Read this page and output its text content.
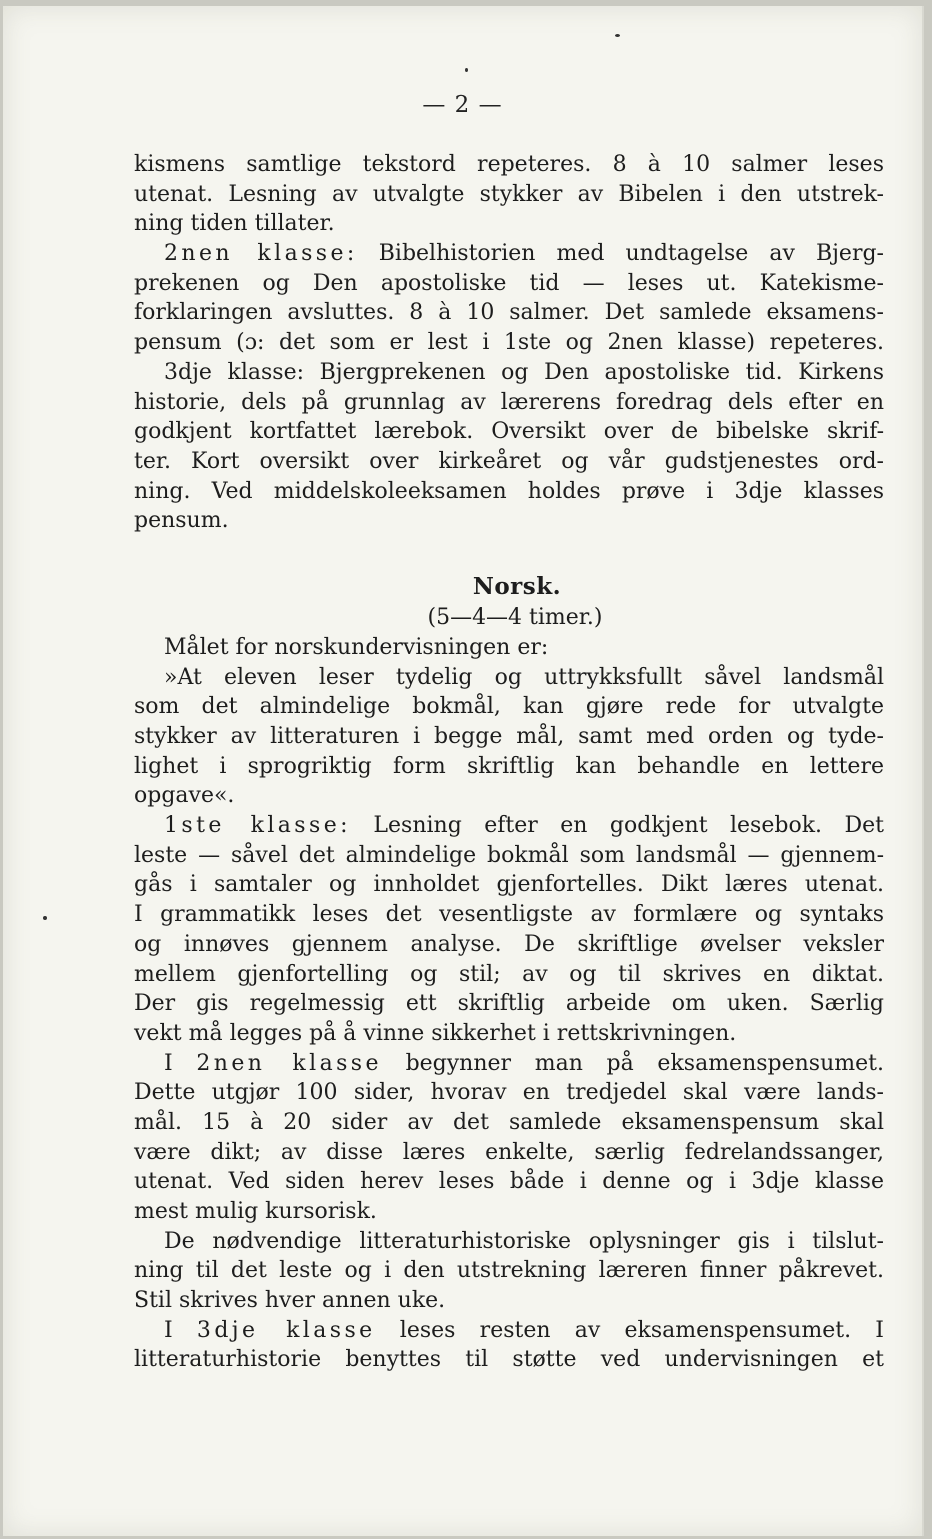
— 2 —
kismens samtlige tekstord repeteres. 8 à 10 salmer leses
utenat. Lesning av utvalgte stykker av Bibelen i den utstrek-
ning tiden tillater.
2nen klasse: Bibelhistorien med undtagelse av Bjerg-
prekenen og Den apostoliske tid — leses ut. Katekisme-
forklaringen avsluttes. 8 à 10 salmer. Det samlede eksamens-
pensum (ɔ: det som er lest i 1ste og 2nen klasse) repeteres.
3dje klasse: Bjergprekenen og Den apostoliske tid. Kirkens
historie, dels på grunnlag av lærerens foredrag dels efter en
godkjent kortfattet lærebok. Oversikt over de bibelske skrif-
ter. Kort oversikt over kirkeåret og vår gudstjenestes ord-
ning. Ved middelskoleeksamen holdes prøve i 3dje klasses
pensum.
Norsk.
(5—4—4 timer.)
Målet for norskundervisningen er:
»At eleven leser tydelig og uttrykksfullt såvel landsmål
som det almindelige bokmål, kan gjøre rede for utvalgte
stykker av litteraturen i begge mål, samt med orden og tyde-
lighet i sprogriktig form skriftlig kan behandle en lettere
opgave«.
1ste klasse: Lesning efter en godkjent lesebok. Det
leste — såvel det almindelige bokmål som landsmål — gjennem-
gås i samtaler og innholdet gjenfortelles. Dikt læres utenat.
I grammatikk leses det vesentligste av formlære og syntaks
og innøves gjennem analyse. De skriftlige øvelser veksler
mellem gjenfortelling og stil; av og til skrives en diktat.
Der gis regelmessig ett skriftlig arbeide om uken. Særlig
vekt må legges på å vinne sikkerhet i rettskrivningen.
I 2nen klasse begynner man på eksamenspensumet.
Dette utgjør 100 sider, hvorav en tredjedel skal være lands-
mål. 15 à 20 sider av det samlede eksamenspensum skal
være dikt; av disse læres enkelte, særlig fedrelandssanger,
utenat. Ved siden herev leses både i denne og i 3dje klasse
mest mulig kursorisk.
De nødvendige litteraturhistoriske oplysninger gis i tilslut-
ning til det leste og i den utstrekning læreren finner påkrevet.
Stil skrives hver annen uke.
I 3dje klasse leses resten av eksamenspensumet. I
litteraturhistorie benyttes til støtte ved undervisningen et
